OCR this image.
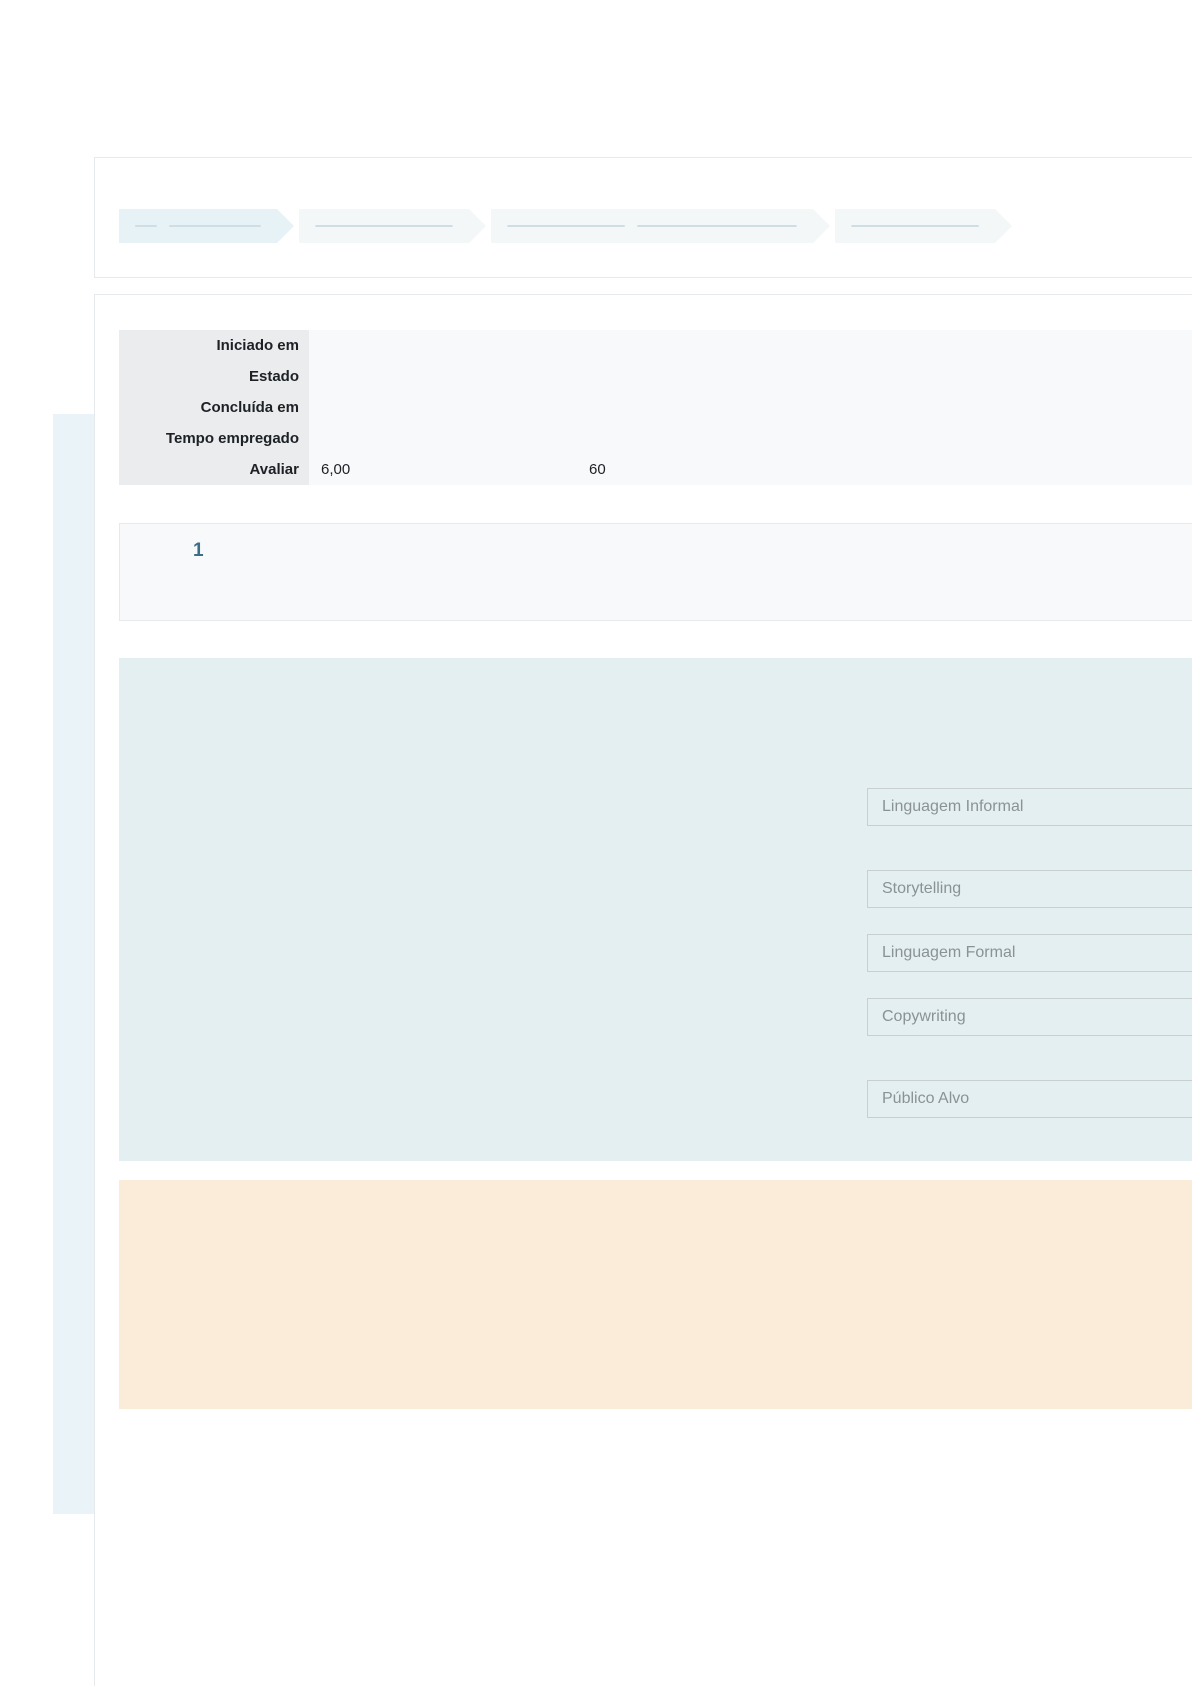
Iniciado em	
Estado	
Concluída em	
Tempo empregado	
Avaliar	6,00 60
1
Linguagem Informal
Storytelling
Linguagem Formal
Copywriting
Público Alvo
